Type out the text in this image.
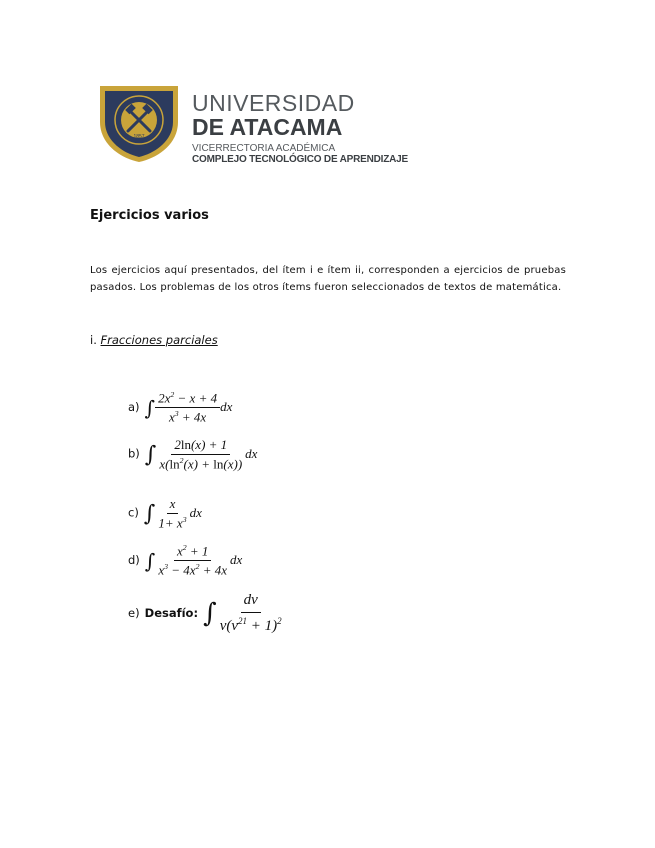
1857
UNIVERSIDAD
DE ATACAMA
VICERRECTORIA ACADÉMICA
COMPLEJO TECNOLÓGICO DE APRENDIZAJE
Ejercicios varios
Los ejercicios aquí presentados, del ítem i e ítem ii, corresponden a ejercicios de pruebas pasados. Los problemas de los otros ítems fueron seleccionados de textos de matemática.
i. Fracciones parciales
a) ∫ $\frac{2x^2 - x + 4}{x^3 + 4x}$ dx
b) ∫ $\frac{2\ln(x) + 1}{x(\ln^2(x) + \ln(x))}$ dx
c) ∫ $\frac{x}{1+ x^3}$ dx
d) ∫ $\frac{x^2 + 1}{x^3 - 4x^2 + 4x}$ dx
e) Desafío: ∫ $\frac{dv}{v(v^{21} + 1)^2}$
